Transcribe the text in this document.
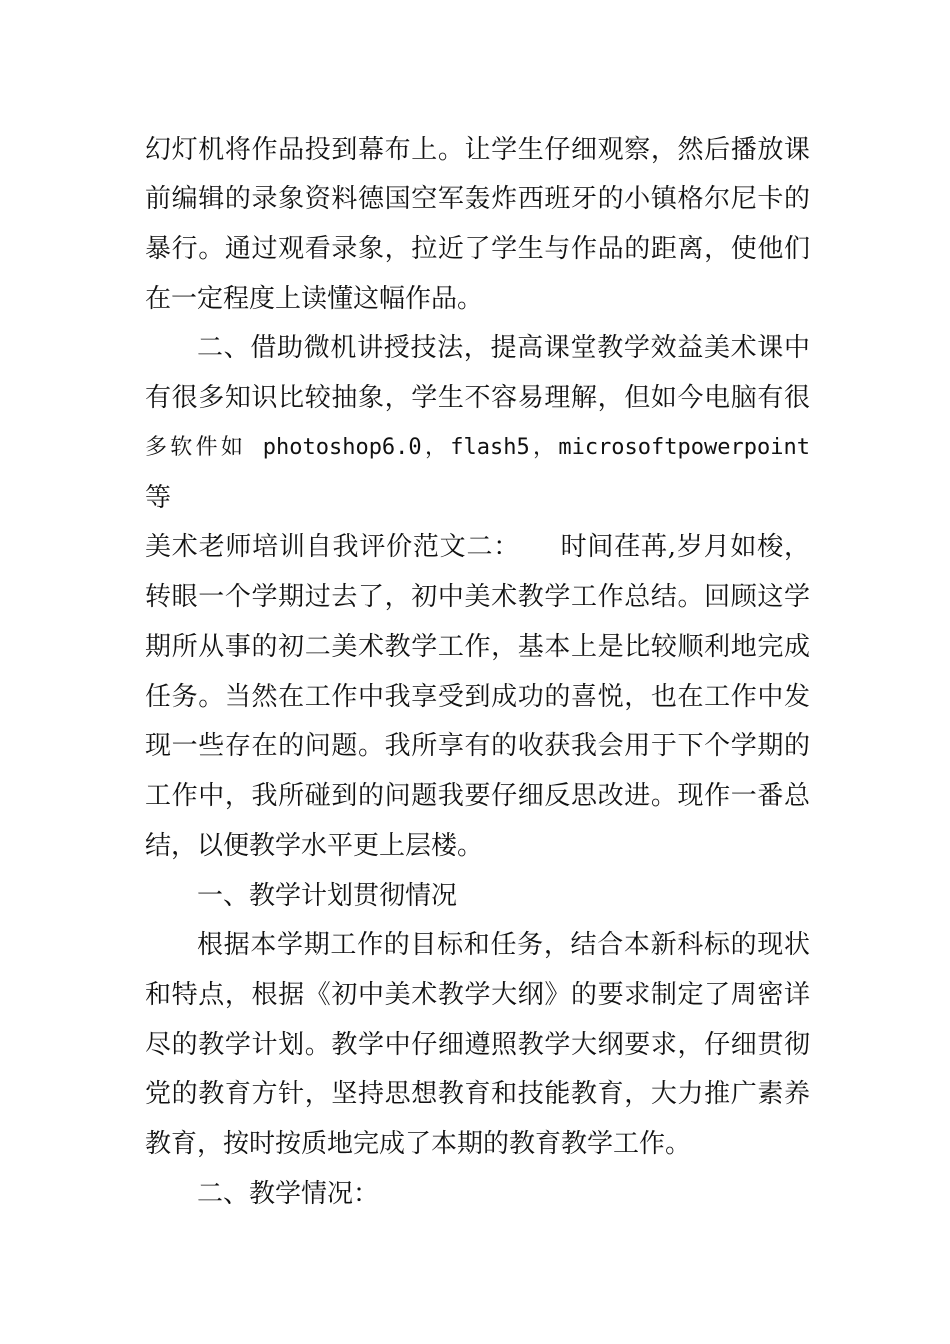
幻灯机将作品投到幕布上。让学生仔细观察，然后播放课
前编辑的录象资料德国空军轰炸西班牙的小镇格尔尼卡的
暴行。通过观看录象，拉近了学生与作品的距离，使他们
在一定程度上读懂这幅作品。
二、借助微机讲授技法，提高课堂教学效益美术课中
有很多知识比较抽象，学生不容易理解，但如今电脑有很
多软件如 photoshop6.0，flash5，microsoftpowerpoint
等
美术老师培训自我评价范文二：　　时间荏苒,岁月如梭，
转眼一个学期过去了，初中美术教学工作总结。回顾这学
期所从事的初二美术教学工作，基本上是比较顺利地完成
任务。当然在工作中我享受到成功的喜悦，也在工作中发
现一些存在的问题。我所享有的收获我会用于下个学期的
工作中，我所碰到的问题我要仔细反思改进。现作一番总
结，以便教学水平更上层楼。
一、教学计划贯彻情况
根据本学期工作的目标和任务，结合本新科标的现状
和特点，根据《初中美术教学大纲》的要求制定了周密详
尽的教学计划。教学中仔细遵照教学大纲要求，仔细贯彻
党的教育方针，坚持思想教育和技能教育，大力推广素养
教育，按时按质地完成了本期的教育教学工作。
二、教学情况：
